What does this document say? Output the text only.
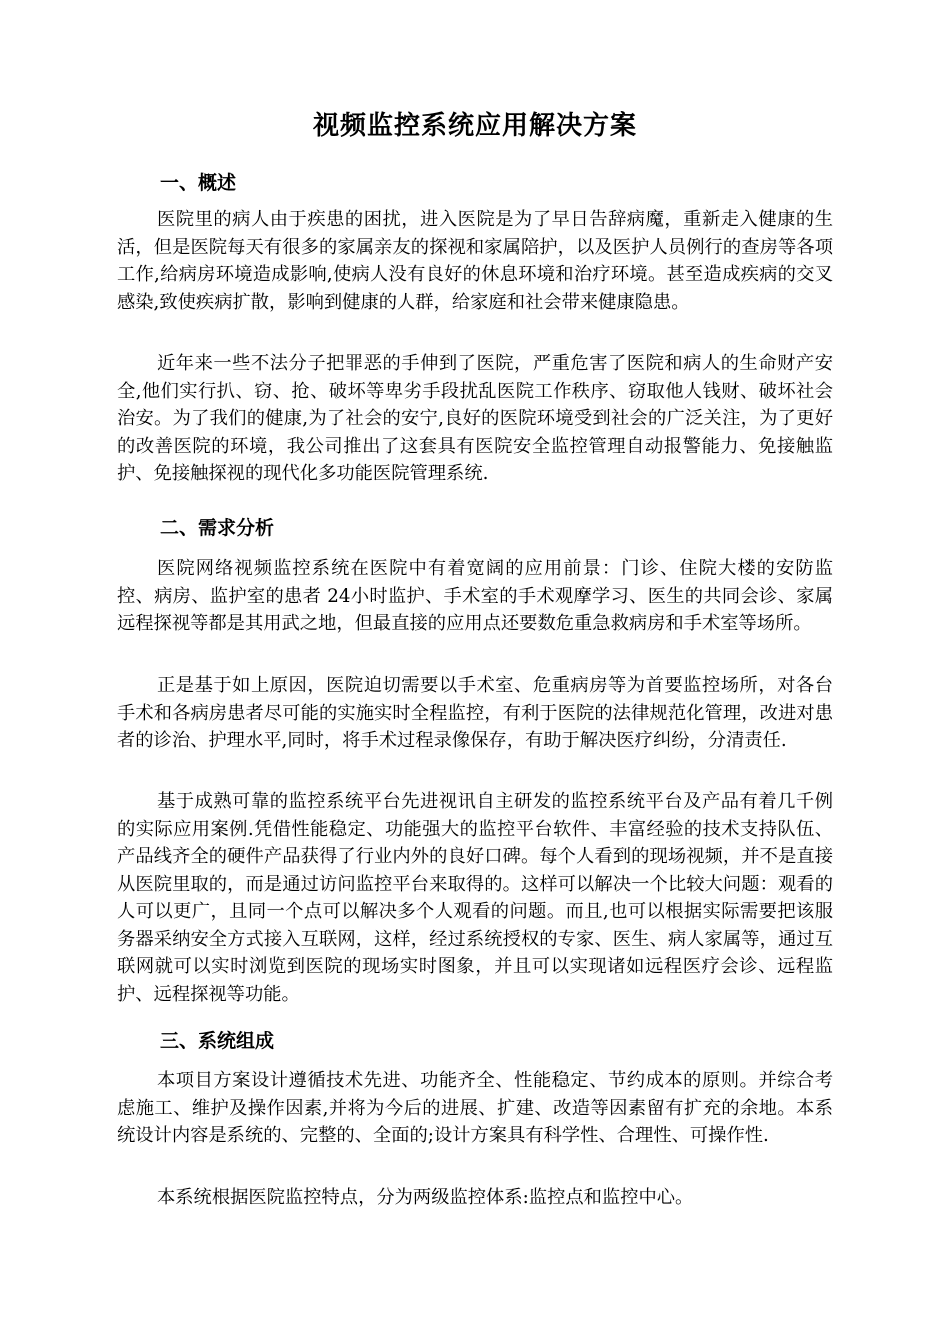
视频监控系统应用解决方案
一、概述

医院里的病人由于疾患的困扰，进入医院是为了早日告辞病魔，重新走入健康的生活，但是医院每天有很多的家属亲友的探视和家属陪护，以及医护人员例行的查房等各项工作,给病房环境造成影响,使病人没有良好的休息环境和治疗环境。甚至造成疾病的交叉感染,致使疾病扩散，影响到健康的人群，给家庭和社会带来健康隐患。

近年来一些不法分子把罪恶的手伸到了医院，严重危害了医院和病人的生命财产安全,他们实行扒、窃、抢、破坏等卑劣手段扰乱医院工作秩序、窃取他人钱财、破坏社会治安。为了我们的健康,为了社会的安宁,良好的医院环境受到社会的广泛关注，为了更好的改善医院的环境，我公司推出了这套具有医院安全监控管理自动报警能力、免接触监护、免接触探视的现代化多功能医院管理系统.

二、需求分析

医院网络视频监控系统在医院中有着宽阔的应用前景：门诊、住院大楼的安防监控、病房、监护室的患者 24小时监护、手术室的手术观摩学习、医生的共同会诊、家属远程探视等都是其用武之地，但最直接的应用点还要数危重急救病房和手术室等场所。

正是基于如上原因，医院迫切需要以手术室、危重病房等为首要监控场所，对各台手术和各病房患者尽可能的实施实时全程监控，有利于医院的法律规范化管理，改进对患者的诊治、护理水平,同时，将手术过程录像保存，有助于解决医疗纠纷，分清责任.

基于成熟可靠的监控系统平台先进视讯自主研发的监控系统平台及产品有着几千例的实际应用案例.凭借性能稳定、功能强大的监控平台软件、丰富经验的技术支持队伍、产品线齐全的硬件产品获得了行业内外的良好口碑。每个人看到的现场视频，并不是直接从医院里取的，而是通过访问监控平台来取得的。这样可以解决一个比较大问题：观看的人可以更广，且同一个点可以解决多个人观看的问题。而且,也可以根据实际需要把该服务器采纳安全方式接入互联网，这样，经过系统授权的专家、医生、病人家属等，通过互联网就可以实时浏览到医院的现场实时图象，并且可以实现诸如远程医疗会诊、远程监护、远程探视等功能。

三、系统组成

本项目方案设计遵循技术先进、功能齐全、性能稳定、节约成本的原则。并综合考虑施工、维护及操作因素,并将为今后的进展、扩建、改造等因素留有扩充的余地。本系统设计内容是系统的、完整的、全面的;设计方案具有科学性、合理性、可操作性.

本系统根据医院监控特点，分为两级监控体系:监控点和监控中心。
